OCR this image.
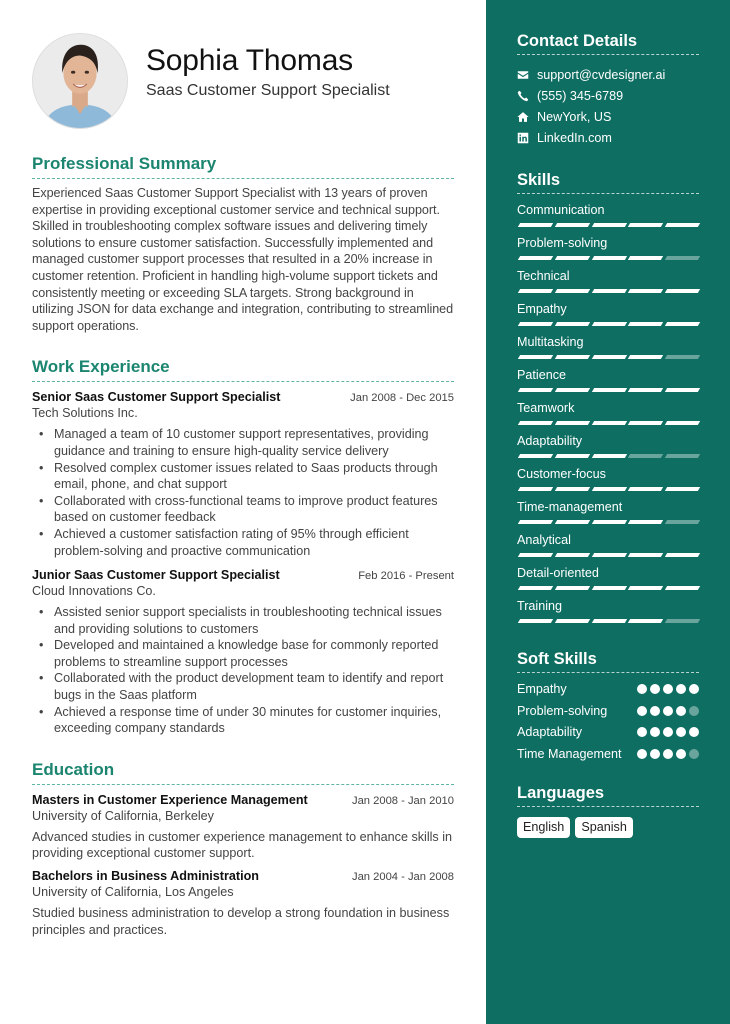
Sophia Thomas
Saas Customer Support Specialist
Professional Summary

Experienced Saas Customer Support Specialist with 13 years of proven expertise in providing exceptional customer service and technical support. Skilled in troubleshooting complex software issues and delivering timely solutions to ensure customer satisfaction. Successfully implemented and managed customer support processes that resulted in a 20% increase in customer retention. Proficient in handling high-volume support tickets and consistently meeting or exceeding SLA targets. Strong background in utilizing JSON for data exchange and integration, contributing to streamlined support operations.

Work Experience
Senior Saas Customer Support Specialist	Jan 2008 - Dec 2015
Tech Solutions Inc.
• Managed a team of 10 customer support representatives, providing guidance and training to ensure high-quality service delivery
• Resolved complex customer issues related to Saas products through email, phone, and chat support
• Collaborated with cross-functional teams to improve product features based on customer feedback
• Achieved a customer satisfaction rating of 95% through efficient problem-solving and proactive communication
Junior Saas Customer Support Specialist	Feb 2016 - Present
Cloud Innovations Co.
• Assisted senior support specialists in troubleshooting technical issues and providing solutions to customers
• Developed and maintained a knowledge base for commonly reported problems to streamline support processes
• Collaborated with the product development team to identify and report bugs in the Saas platform
• Achieved a response time of under 30 minutes for customer inquiries, exceeding company standards
Education
Masters in Customer Experience Management	Jan 2008 - Jan 2010
University of California, Berkeley

Advanced studies in customer experience management to enhance skills in providing exceptional customer support.

Bachelors in Business Administration	Jan 2004 - Jan 2008
University of California, Los Angeles

Studied business administration to develop a strong foundation in business principles and practices.

Contact Details
support@cvdesigner.ai
(555) 345-6789
NewYork, US
LinkedIn.com
Skills
Communication
Problem-solving
Technical
Empathy
Multitasking
Patience
Teamwork
Adaptability
Customer-focus
Time-management
Analytical
Detail-oriented
Training
Soft Skills
Empathy
Problem-solving
Adaptability
Time Management
Languages
English	Spanish
